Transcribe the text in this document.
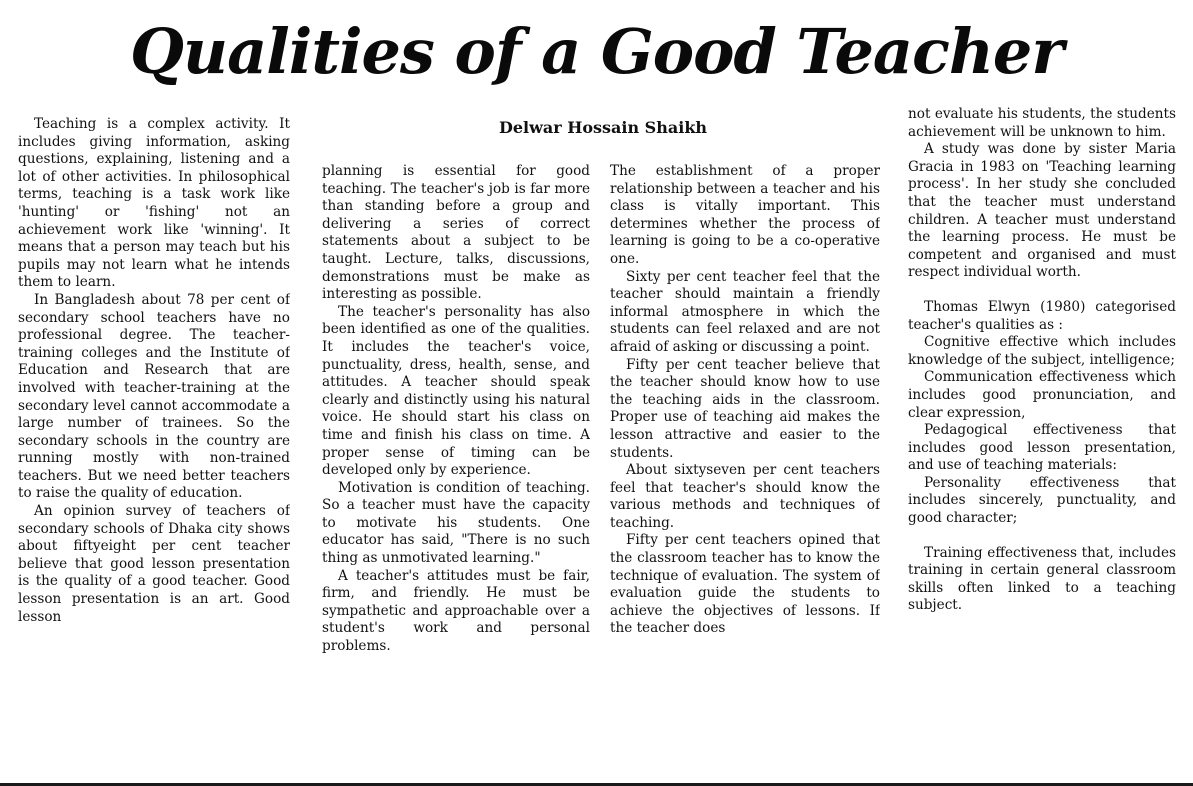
Qualities of a Good Teacher
Delwar Hossain Shaikh

Teaching is a complex activity. It includes giving information, asking questions, explaining, listening and a lot of other activities. In philosophical terms, teaching is a task work like 'hunting' or 'fishing' not an achievement work like 'winning'. It means that a person may teach but his pupils may not learn what he intends them to learn.

In Bangladesh about 78 per cent of secondary school teachers have no professional degree. The teacher-training colleges and the Institute of Education and Research that are involved with teacher-training at the secondary level cannot accommodate a large number of trainees. So the secondary schools in the country are running mostly with non-trained teachers. But we need better teachers to raise the quality of education.

An opinion survey of teachers of secondary schools of Dhaka city shows about fiftyeight per cent teacher believe that good lesson presentation is the quality of a good teacher. Good lesson presentation is an art. Good lesson

planning is essential for good teaching. The teacher's job is far more than standing before a group and delivering a series of correct statements about a subject to be taught. Lecture, talks, discussions, demonstrations must be make as interesting as possible.

The teacher's personality has also been identified as one of the qualities. It includes the teacher's voice, punctuality, dress, health, sense, and attitudes. A teacher should speak clearly and distinctly using his natural voice. He should start his class on time and finish his class on time. A proper sense of timing can be developed only by experience.

Motivation is condition of teaching. So a teacher must have the capacity to motivate his students. One educator has said, "There is no such thing as unmotivated learning."

A teacher's attitudes must be fair, firm, and friendly. He must be sympathetic and approachable over a student's work and personal problems.

The establishment of a proper relationship between a teacher and his class is vitally important. This determines whether the process of learning is going to be a co-operative one.

Sixty per cent teacher feel that the teacher should maintain a friendly informal atmosphere in which the students can feel relaxed and are not afraid of asking or discussing a point.

Fifty per cent teacher believe that the teacher should know how to use the teaching aids in the classroom. Proper use of teaching aid makes the lesson attractive and easier to the students.

About sixtyseven per cent teachers feel that teacher's should know the various methods and techniques of teaching.

Fifty per cent teachers opined that the classroom teacher has to know the technique of evaluation. The system of evaluation guide the students to achieve the objectives of lessons. If the teacher does

not evaluate his students, the students achievement will be unknown to him.

A study was done by sister Maria Gracia in 1983 on 'Teaching learning process'. In her study she concluded that the teacher must understand children. A teacher must understand the learning process. He must be competent and organised and must respect individual worth.

Thomas Elwyn (1980) categorised teacher's qualities as :

Cognitive effective which includes knowledge of the subject, intelligence;

Communication effectiveness which includes good pronunciation, and clear expression,

Pedagogical effectiveness that includes good lesson presentation, and use of teaching materials:

Personality effectiveness that includes sincerely, punctuality, and good character;

Training effectiveness that, includes training in certain general classroom skills often linked to a teaching subject.
